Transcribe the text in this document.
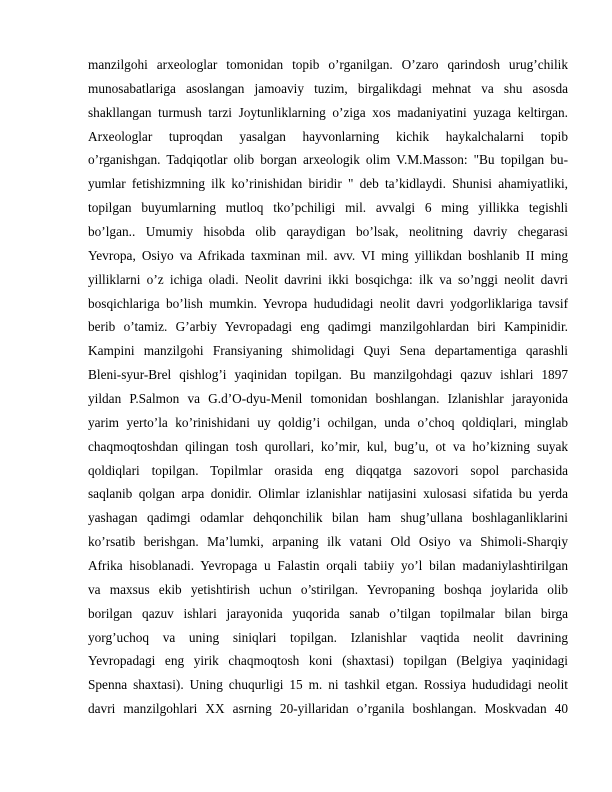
manzilgohi arxeologlar tomonidan topib o’rganilgan. O’zaro qarindosh urug’chilik
munosabatlariga asoslangan jamoaviy tuzim, birgalikdagi mehnat va shu asosda
shakllangan turmush tarzi Joytunliklarning o’ziga xos madaniyatini yuzaga keltirgan.
Arxeologlar tuproqdan yasalgan hayvonlarning kichik haykalchalarni topib
o’rganishgan. Tadqiqotlar olib borgan arxeologik olim V.M.Masson: "Bu topilgan bu-
yumlar fetishizmning ilk ko’rinishidan biridir " deb ta’kidlaydi. Shunisi ahamiyatliki,
topilgan buyumlarning mutloq tko’pchiligi mil. avvalgi 6 ming yillikka tegishli
bo’lgan.. Umumiy hisobda olib qaraydigan bo’lsak, neolitning davriy chegarasi
Yevropa, Osiyo va Afrikada taxminan mil. avv. VI ming yillikdan boshlanib II ming
yilliklarni o’z ichiga oladi. Neolit davrini ikki bosqichga: ilk va so’nggi neolit davri
bosqichlariga bo’lish mumkin. Yevropa hududidagi neolit davri yodgorliklariga tavsif
berib o’tamiz. G’arbiy Yevropadagi eng qadimgi manzilgohlardan biri Kampinidir.
Kampini manzilgohi Fransiyaning shimolidagi Quyi Sena departamentiga qarashli
Bleni-syur-Brel qishlog’i yaqinidan topilgan. Bu manzilgohdagi qazuv ishlari 1897
yildan P.Salmon va G.d’O-dyu-Menil tomonidan boshlangan. Izlanishlar jarayonida
yarim yerto’la ko’rinishidani uy qoldig’i ochilgan, unda o’choq qoldiqlari, minglab
chaqmoqtoshdan qilingan tosh qurollari, ko’mir, kul, bug’u, ot va ho’kizning suyak
qoldiqlari topilgan. Topilmlar orasida eng diqqatga sazovori sopol parchasida
saqlanib qolgan arpa donidir. Olimlar izlanishlar natijasini xulosasi sifatida bu yerda
yashagan qadimgi odamlar dehqonchilik bilan ham shug’ullana boshlaganliklarini
ko’rsatib berishgan. Ma’lumki, arpaning ilk vatani Old Osiyo va Shimoli-Sharqiy
Afrika hisoblanadi. Yevropaga u Falastin orqali tabiiy yo’l bilan madaniylashtirilgan
va maxsus ekib yetishtirish uchun o’stirilgan. Yevropaning boshqa joylarida olib
borilgan qazuv ishlari jarayonida yuqorida sanab o’tilgan topilmalar bilan birga
yorg’uchoq va uning siniqlari topilgan. Izlanishlar vaqtida neolit davrining
Yevropadagi eng yirik chaqmoqtosh koni (shaxtasi) topilgan (Belgiya yaqinidagi
Spenna shaxtasi). Uning chuqurligi 15 m. ni tashkil etgan. Rossiya hududidagi neolit
davri manzilgohlari XX asrning 20-yillaridan o’rganila boshlangan. Moskvadan 40
